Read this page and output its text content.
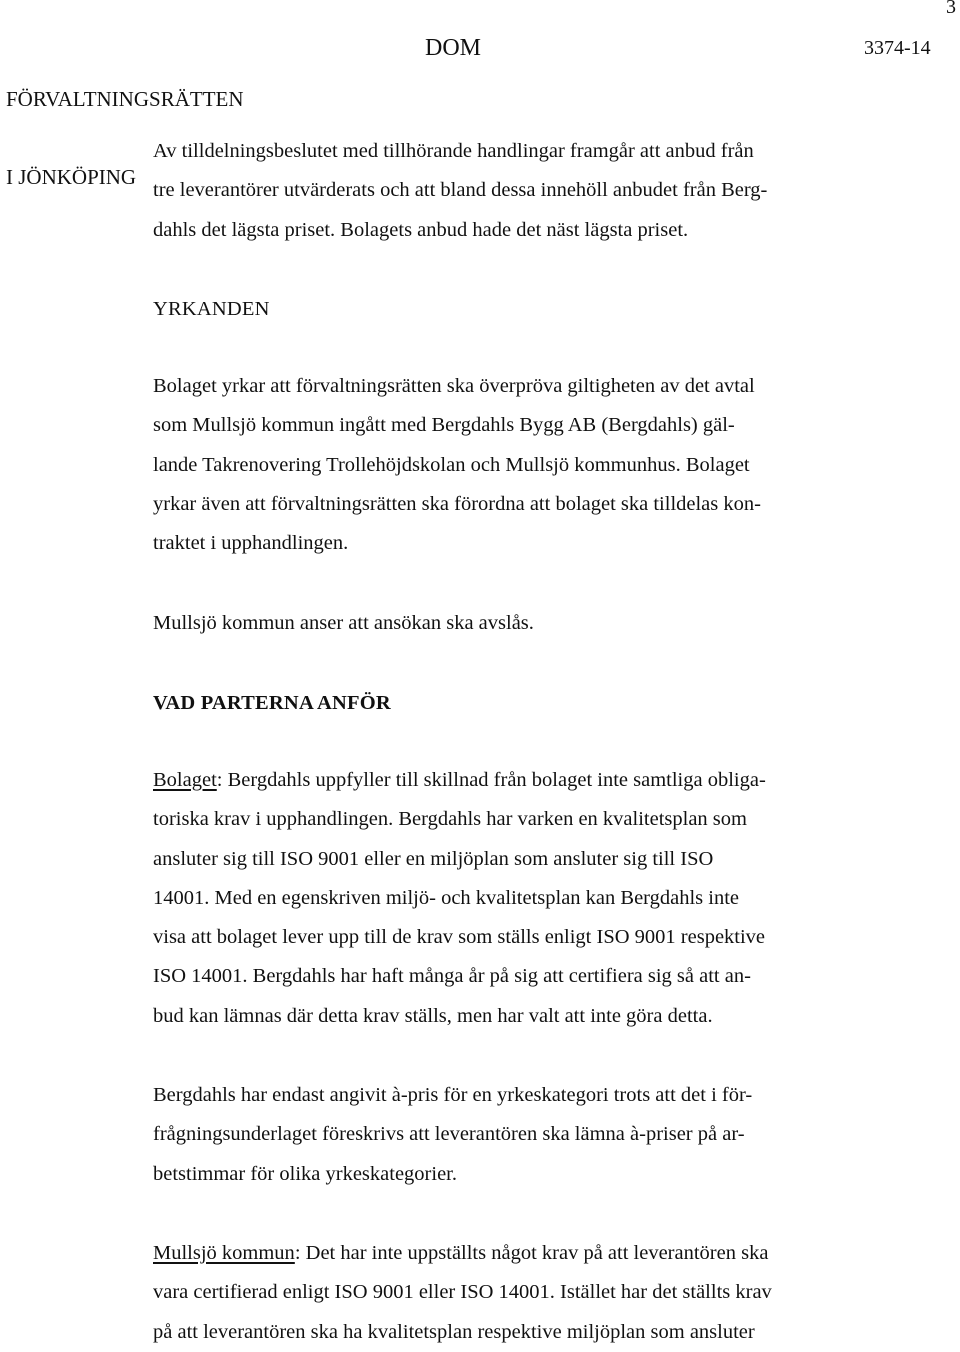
3

FÖRVALTNINGSRÄTTEN

I JÖNKÖPING

DOM	3374-14

Av tilldelningsbeslutet med tillhörande handlingar framgår att anbud från
tre leverantörer utvärderats och att bland dessa innehöll anbudet från Berg-
dahls det lägsta priset. Bolagets anbud hade det näst lägsta priset.

YRKANDEN

Bolaget yrkar att förvaltningsrätten ska överpröva giltigheten av det avtal
som Mullsjö kommun ingått med Bergdahls Bygg AB (Bergdahls) gäl-
lande Takrenovering Trollehöjdskolan och Mullsjö kommunhus. Bolaget
yrkar även att förvaltningsrätten ska förordna att bolaget ska tilldelas kon-
traktet i upphandlingen.

Mullsjö kommun anser att ansökan ska avslås.

VAD PARTERNA ANFÖR

Bolaget: Bergdahls uppfyller till skillnad från bolaget inte samtliga obliga-
toriska krav i upphandlingen. Bergdahls har varken en kvalitetsplan som
ansluter sig till ISO 9001 eller en miljöplan som ansluter sig till ISO
14001. Med en egenskriven miljö- och kvalitetsplan kan Bergdahls inte
visa att bolaget lever upp till de krav som ställs enligt ISO 9001 respektive
ISO 14001. Bergdahls har haft många år på sig att certifiera sig så att an-
bud kan lämnas där detta krav ställs, men har valt att inte göra detta.

Bergdahls har endast angivit à-pris för en yrkeskategori trots att det i för-
frågningsunderlaget föreskrivs att leverantören ska lämna à-priser på ar-
betstimmar för olika yrkeskategorier.

Mullsjö kommun: Det har inte uppställts något krav på att leverantören ska
vara certifierad enligt ISO 9001 eller ISO 14001. Istället har det ställts krav
på att leverantören ska ha kvalitetsplan respektive miljöplan som ansluter
